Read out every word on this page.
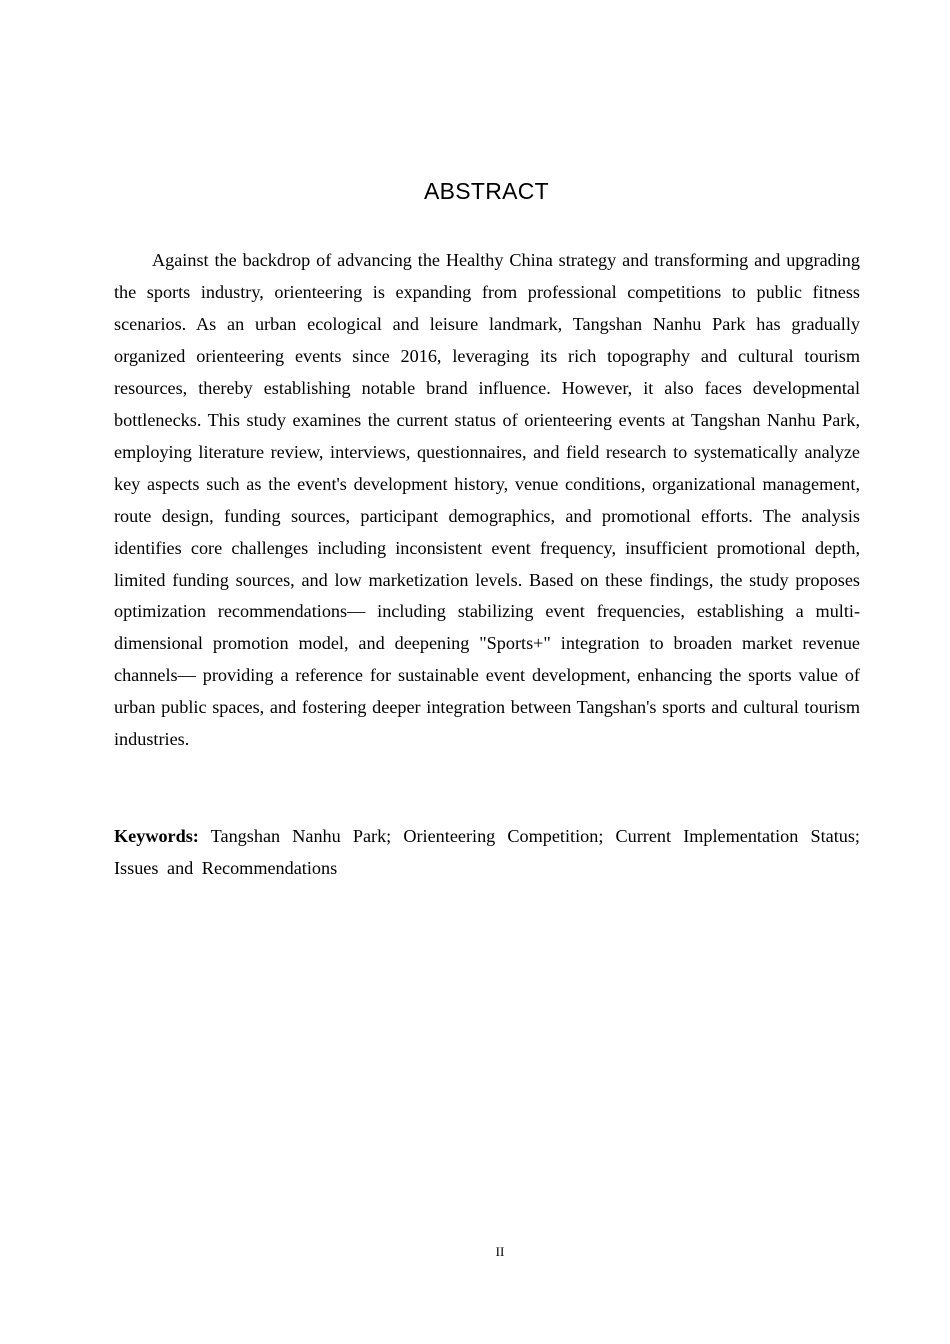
ABSTRACT

Against the backdrop of advancing the Healthy China strategy and transforming and upgrading the sports industry, orienteering is expanding from professional competitions to public fitness scenarios. As an urban ecological and leisure landmark, Tangshan Nanhu Park has gradually organized orienteering events since 2016, leveraging its rich topography and cultural tourism resources, thereby establishing notable brand influence. However, it also faces developmental bottlenecks. This study examines the current status of orienteering events at Tangshan Nanhu Park, employing literature review, interviews, questionnaires, and field research to systematically analyze key aspects such as the event's development history, venue conditions, organizational management, route design, funding sources, participant demographics, and promotional efforts. The analysis identifies core challenges including inconsistent event frequency, insufficient promotional depth, limited funding sources, and low marketization levels. Based on these findings, the study proposes optimization recommendations— including stabilizing event frequencies, establishing a multi-dimensional promotion model, and deepening "Sports+" integration to broaden market revenue channels— providing a reference for sustainable event development, enhancing the sports value of urban public spaces, and fostering deeper integration between Tangshan's sports and cultural tourism industries.

Keywords: Tangshan Nanhu Park; Orienteering Competition; Current Implementation Status; Issues and Recommendations

II
